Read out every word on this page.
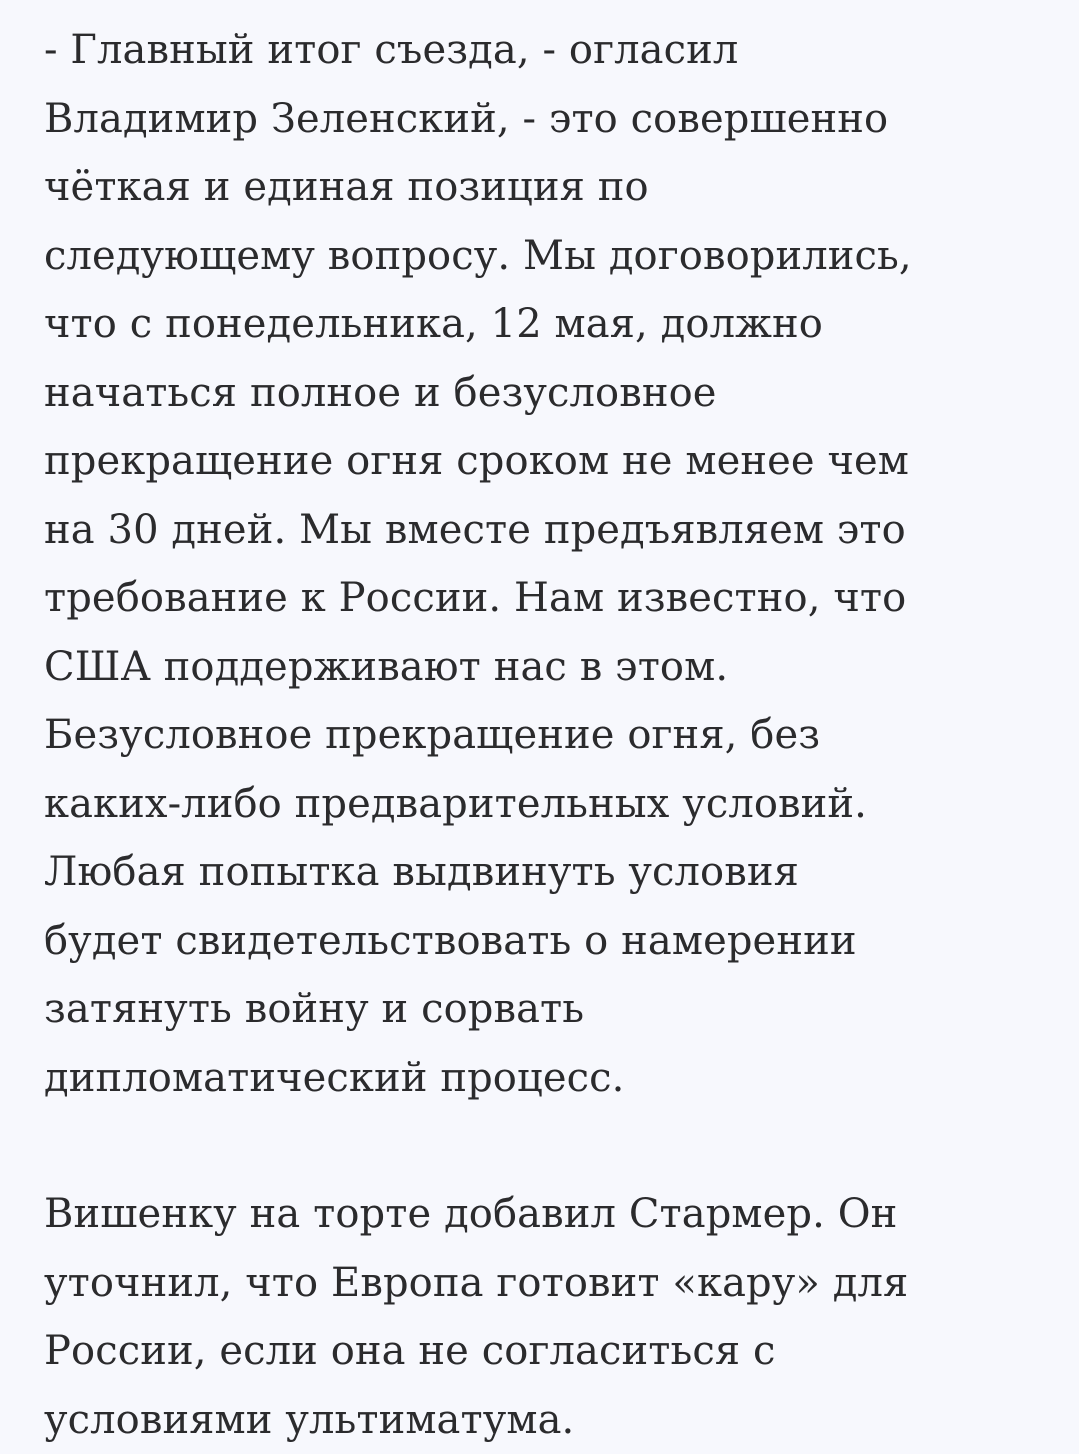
- Главный итог съезда, - огласил
Владимир Зеленский, - это совершенно
чёткая и единая позиция по
следующему вопросу. Мы договорились,
что с понедельника, 12 мая, должно
начаться полное и безусловное
прекращение огня сроком не менее чем
на 30 дней. Мы вместе предъявляем это
требование к России. Нам известно, что
США поддерживают нас в этом.
Безусловное прекращение огня, без
каких-либо предварительных условий.
Любая попытка выдвинуть условия
будет свидетельствовать о намерении
затянуть войну и сорвать
дипломатический процесс.

Вишенку на торте добавил Стармер. Он
уточнил, что Европа готовит «кару» для
России, если она не согласиться с
условиями ультиматума.
